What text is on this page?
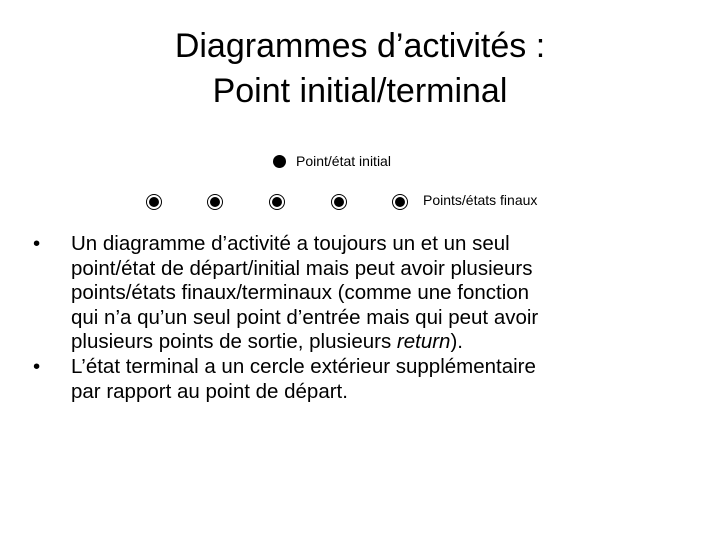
Diagrammes d’activités :
Point initial/terminal
Point/état initial
Points/états finaux
•	Un diagramme d’activité a toujours un et un seul
point/état de départ/initial mais peut avoir plusieurs
points/états finaux/terminaux (comme une fonction
qui n’a qu’un seul point d’entrée mais qui peut avoir
plusieurs points de sortie, plusieurs return).
•	L’état terminal a un cercle extérieur supplémentaire
par rapport au point de départ.
